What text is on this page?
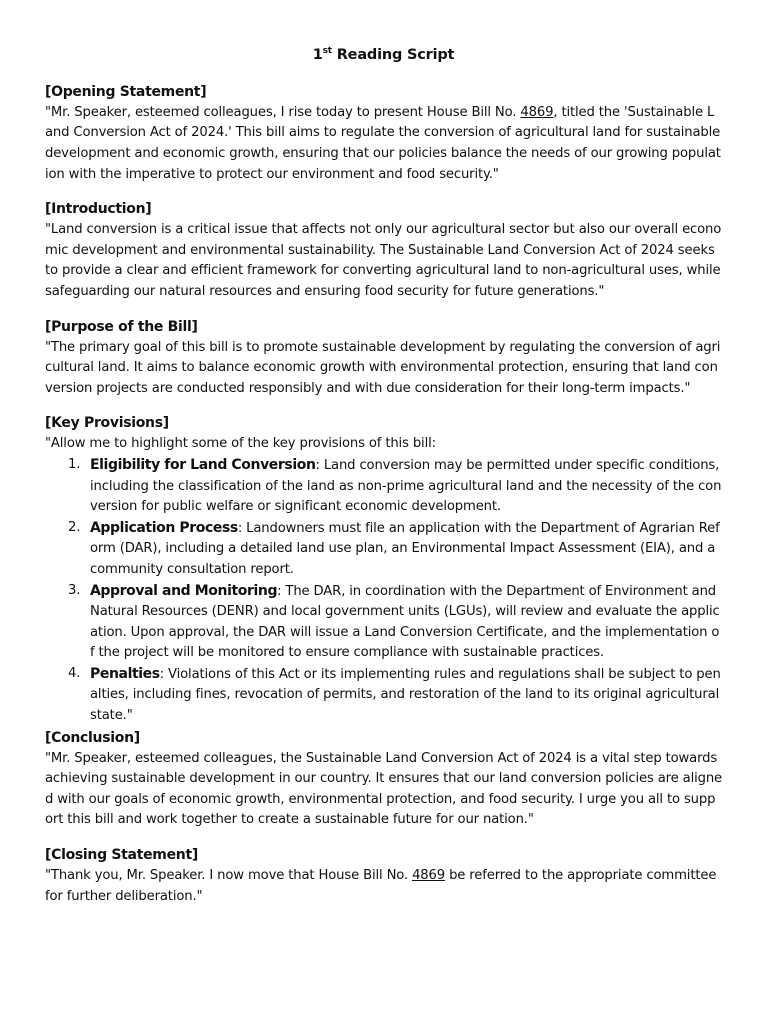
1st Reading Script

[Opening Statement]

"Mr. Speaker, esteemed colleagues, I rise today to present House Bill No. 4869, titled the 'Sustainable Land Conversion Act of 2024.' This bill aims to regulate the conversion of agricultural land for sustainable development and economic growth, ensuring that our policies balance the needs of our growing population with the imperative to protect our environment and food security."

[Introduction]

"Land conversion is a critical issue that affects not only our agricultural sector but also our overall economic development and environmental sustainability. The Sustainable Land Conversion Act of 2024 seeks to provide a clear and efficient framework for converting agricultural land to non-agricultural uses, while safeguarding our natural resources and ensuring food security for future generations."

[Purpose of the Bill]

"The primary goal of this bill is to promote sustainable development by regulating the conversion of agricultural land. It aims to balance economic growth with environmental protection, ensuring that land conversion projects are conducted responsibly and with due consideration for their long-term impacts."

[Key Provisions]

"Allow me to highlight some of the key provisions of this bill:

1. Eligibility for Land Conversion: Land conversion may be permitted under specific conditions, including the classification of the land as non-prime agricultural land and the necessity of the conversion for public welfare or significant economic development.
2. Application Process: Landowners must file an application with the Department of Agrarian Reform (DAR), including a detailed land use plan, an Environmental Impact Assessment (EIA), and a community consultation report.
3. Approval and Monitoring: The DAR, in coordination with the Department of Environment and Natural Resources (DENR) and local government units (LGUs), will review and evaluate the application. Upon approval, the DAR will issue a Land Conversion Certificate, and the implementation of the project will be monitored to ensure compliance with sustainable practices.
4. Penalties: Violations of this Act or its implementing rules and regulations shall be subject to penalties, including fines, revocation of permits, and restoration of the land to its original agricultural state."

[Conclusion]

"Mr. Speaker, esteemed colleagues, the Sustainable Land Conversion Act of 2024 is a vital step towards achieving sustainable development in our country. It ensures that our land conversion policies are aligned with our goals of economic growth, environmental protection, and food security. I urge you all to support this bill and work together to create a sustainable future for our nation."

[Closing Statement]

"Thank you, Mr. Speaker. I now move that House Bill No. 4869 be referred to the appropriate committee for further deliberation."
